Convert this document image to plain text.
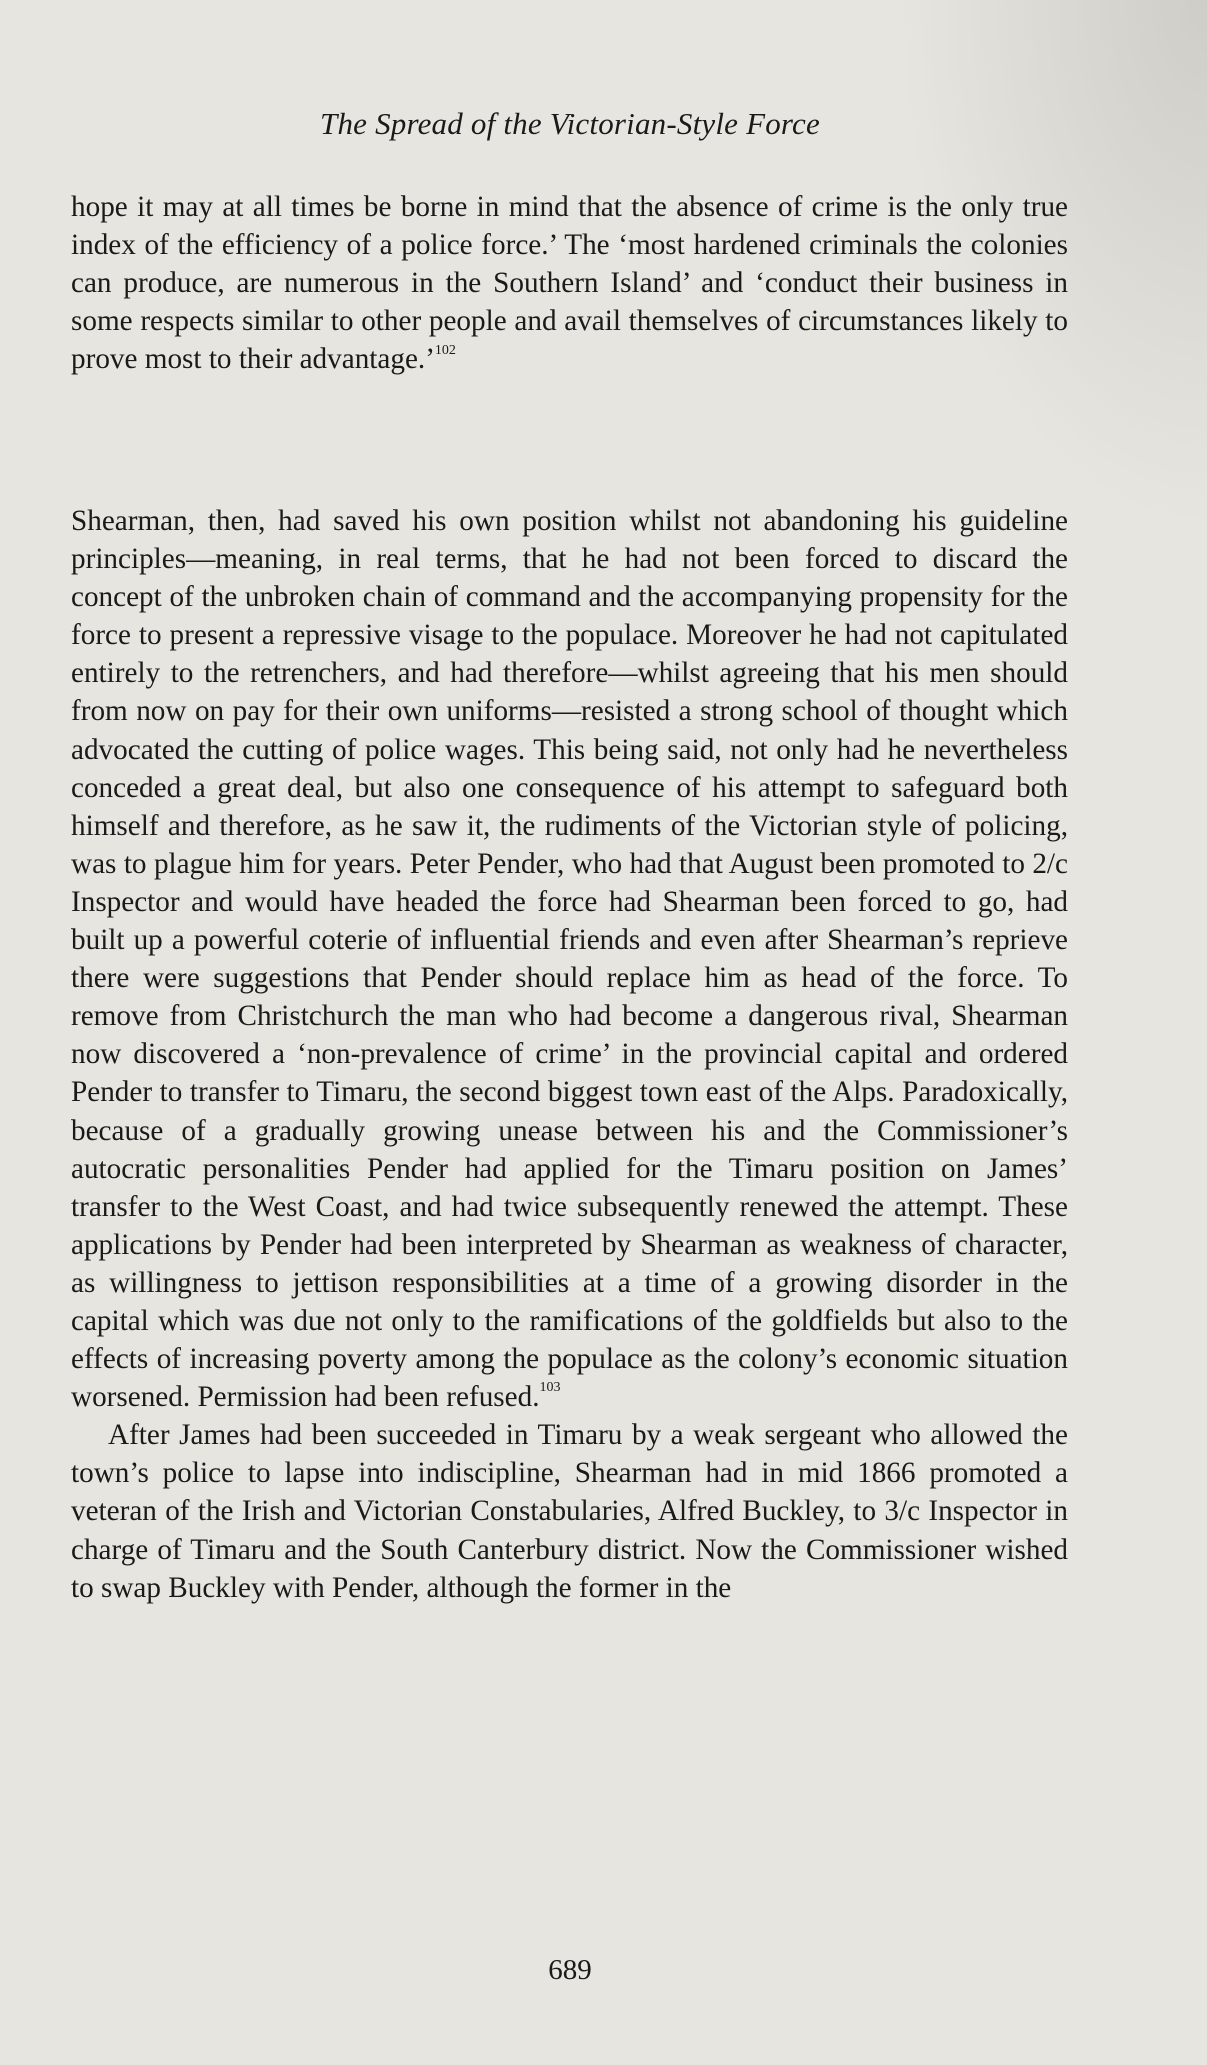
The Spread of the Victorian-Style Force

hope it may at all times be borne in mind that the absence of crime is the only true index of the efficiency of a police force.’ The ‘most hardened criminals the colonies can produce, are numerous in the Southern Island’ and ‘conduct their business in some respects similar to other people and avail themselves of circumstances likely to prove most to their advantage.’$^{102}$

Shearman, then, had saved his own position whilst not abandoning his guideline principles—meaning, in real terms, that he had not been forced to discard the concept of the unbroken chain of command and the accompanying propensity for the force to present a repressive visage to the populace. Moreover he had not capitulated entirely to the retrenchers, and had therefore—whilst agreeing that his men should from now on pay for their own uniforms—resisted a strong school of thought which advocated the cutting of police wages. This being said, not only had he nevertheless conceded a great deal, but also one consequence of his attempt to safeguard both himself and therefore, as he saw it, the rudiments of the Victorian style of policing, was to plague him for years. Peter Pender, who had that August been promoted to 2/c Inspector and would have headed the force had Shearman been forced to go, had built up a powerful coterie of influential friends and even after Shearman’s reprieve there were suggestions that Pender should replace him as head of the force. To remove from Christchurch the man who had become a dangerous rival, Shearman now discovered a ‘non-prevalence of crime’ in the provincial capital and ordered Pender to transfer to Timaru, the second biggest town east of the Alps. Paradoxically, because of a gradually growing unease between his and the Commissioner’s autocratic personalities Pender had applied for the Timaru position on James’ transfer to the West Coast, and had twice subsequently renewed the attempt. These applications by Pender had been interpreted by Shearman as weakness of character, as willingness to jettison responsibilities at a time of a growing disorder in the capital which was due not only to the ramifications of the goldfields but also to the effects of increasing poverty among the populace as the colony’s economic situation worsened. Permission had been refused.$^{103}$

After James had been succeeded in Timaru by a weak sergeant who allowed the town’s police to lapse into indiscipline, Shearman had in mid 1866 promoted a veteran of the Irish and Victorian Constabularies, Alfred Buckley, to 3/c Inspector in charge of Timaru and the South Canterbury district. Now the Commissioner wished to swap Buckley with Pender, although the former in the

689
